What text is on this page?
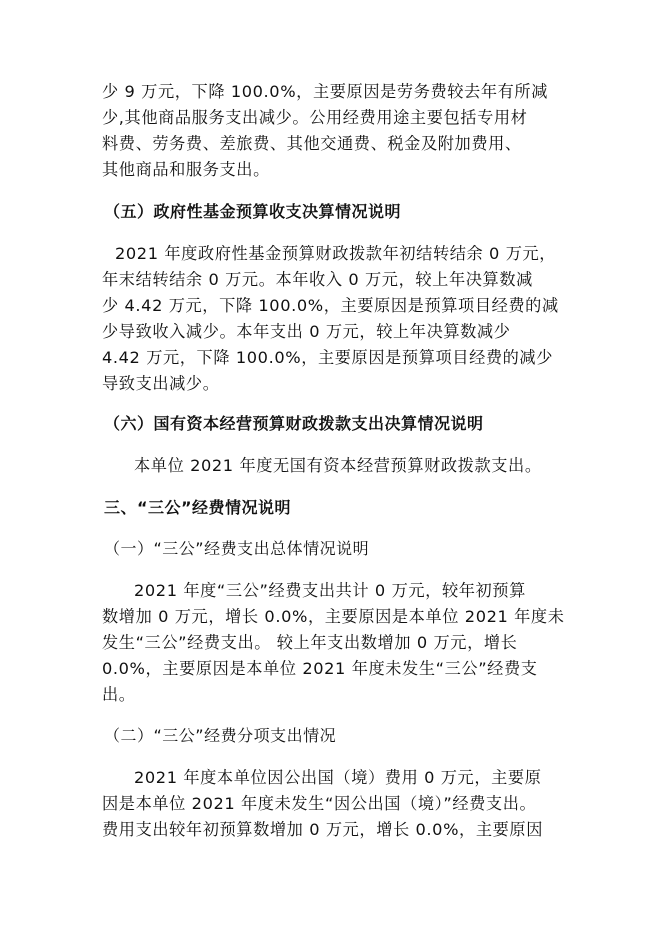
少 9 万元，下降 100.0%，主要原因是劳务费较去年有所减
少,其他商品服务支出减少。公用经费用途主要包括专用材
料费、劳务费、差旅费、其他交通费、税金及附加费用、
其他商品和服务支出。
（五）政府性基金预算收支决算情况说明
2021 年度政府性基金预算财政拨款年初结转结余 0 万元，
年末结转结余 0 万元。本年收入 0 万元，较上年决算数减
少 4.42 万元，下降 100.0%，主要原因是预算项目经费的减
少导致收入减少。本年支出 0 万元，较上年决算数减少
4.42 万元，下降 100.0%，主要原因是预算项目经费的减少
导致支出减少。
（六）国有资本经营预算财政拨款支出决算情况说明
本单位 2021 年度无国有资本经营预算财政拨款支出。
三、“三公”经费情况说明
（一）“三公”经费支出总体情况说明
2021 年度“三公”经费支出共计 0 万元，较年初预算
数增加 0 万元，增长 0.0%，主要原因是本单位 2021 年度未
发生“三公”经费支出。 较上年支出数增加 0 万元，增长
0.0%，主要原因是本单位 2021 年度未发生“三公”经费支
出。
（二）“三公”经费分项支出情况
2021 年度本单位因公出国（境）费用 0 万元，主要原
因是本单位 2021 年度未发生“因公出国（境）”经费支出。
费用支出较年初预算数增加 0 万元，增长 0.0%，主要原因
